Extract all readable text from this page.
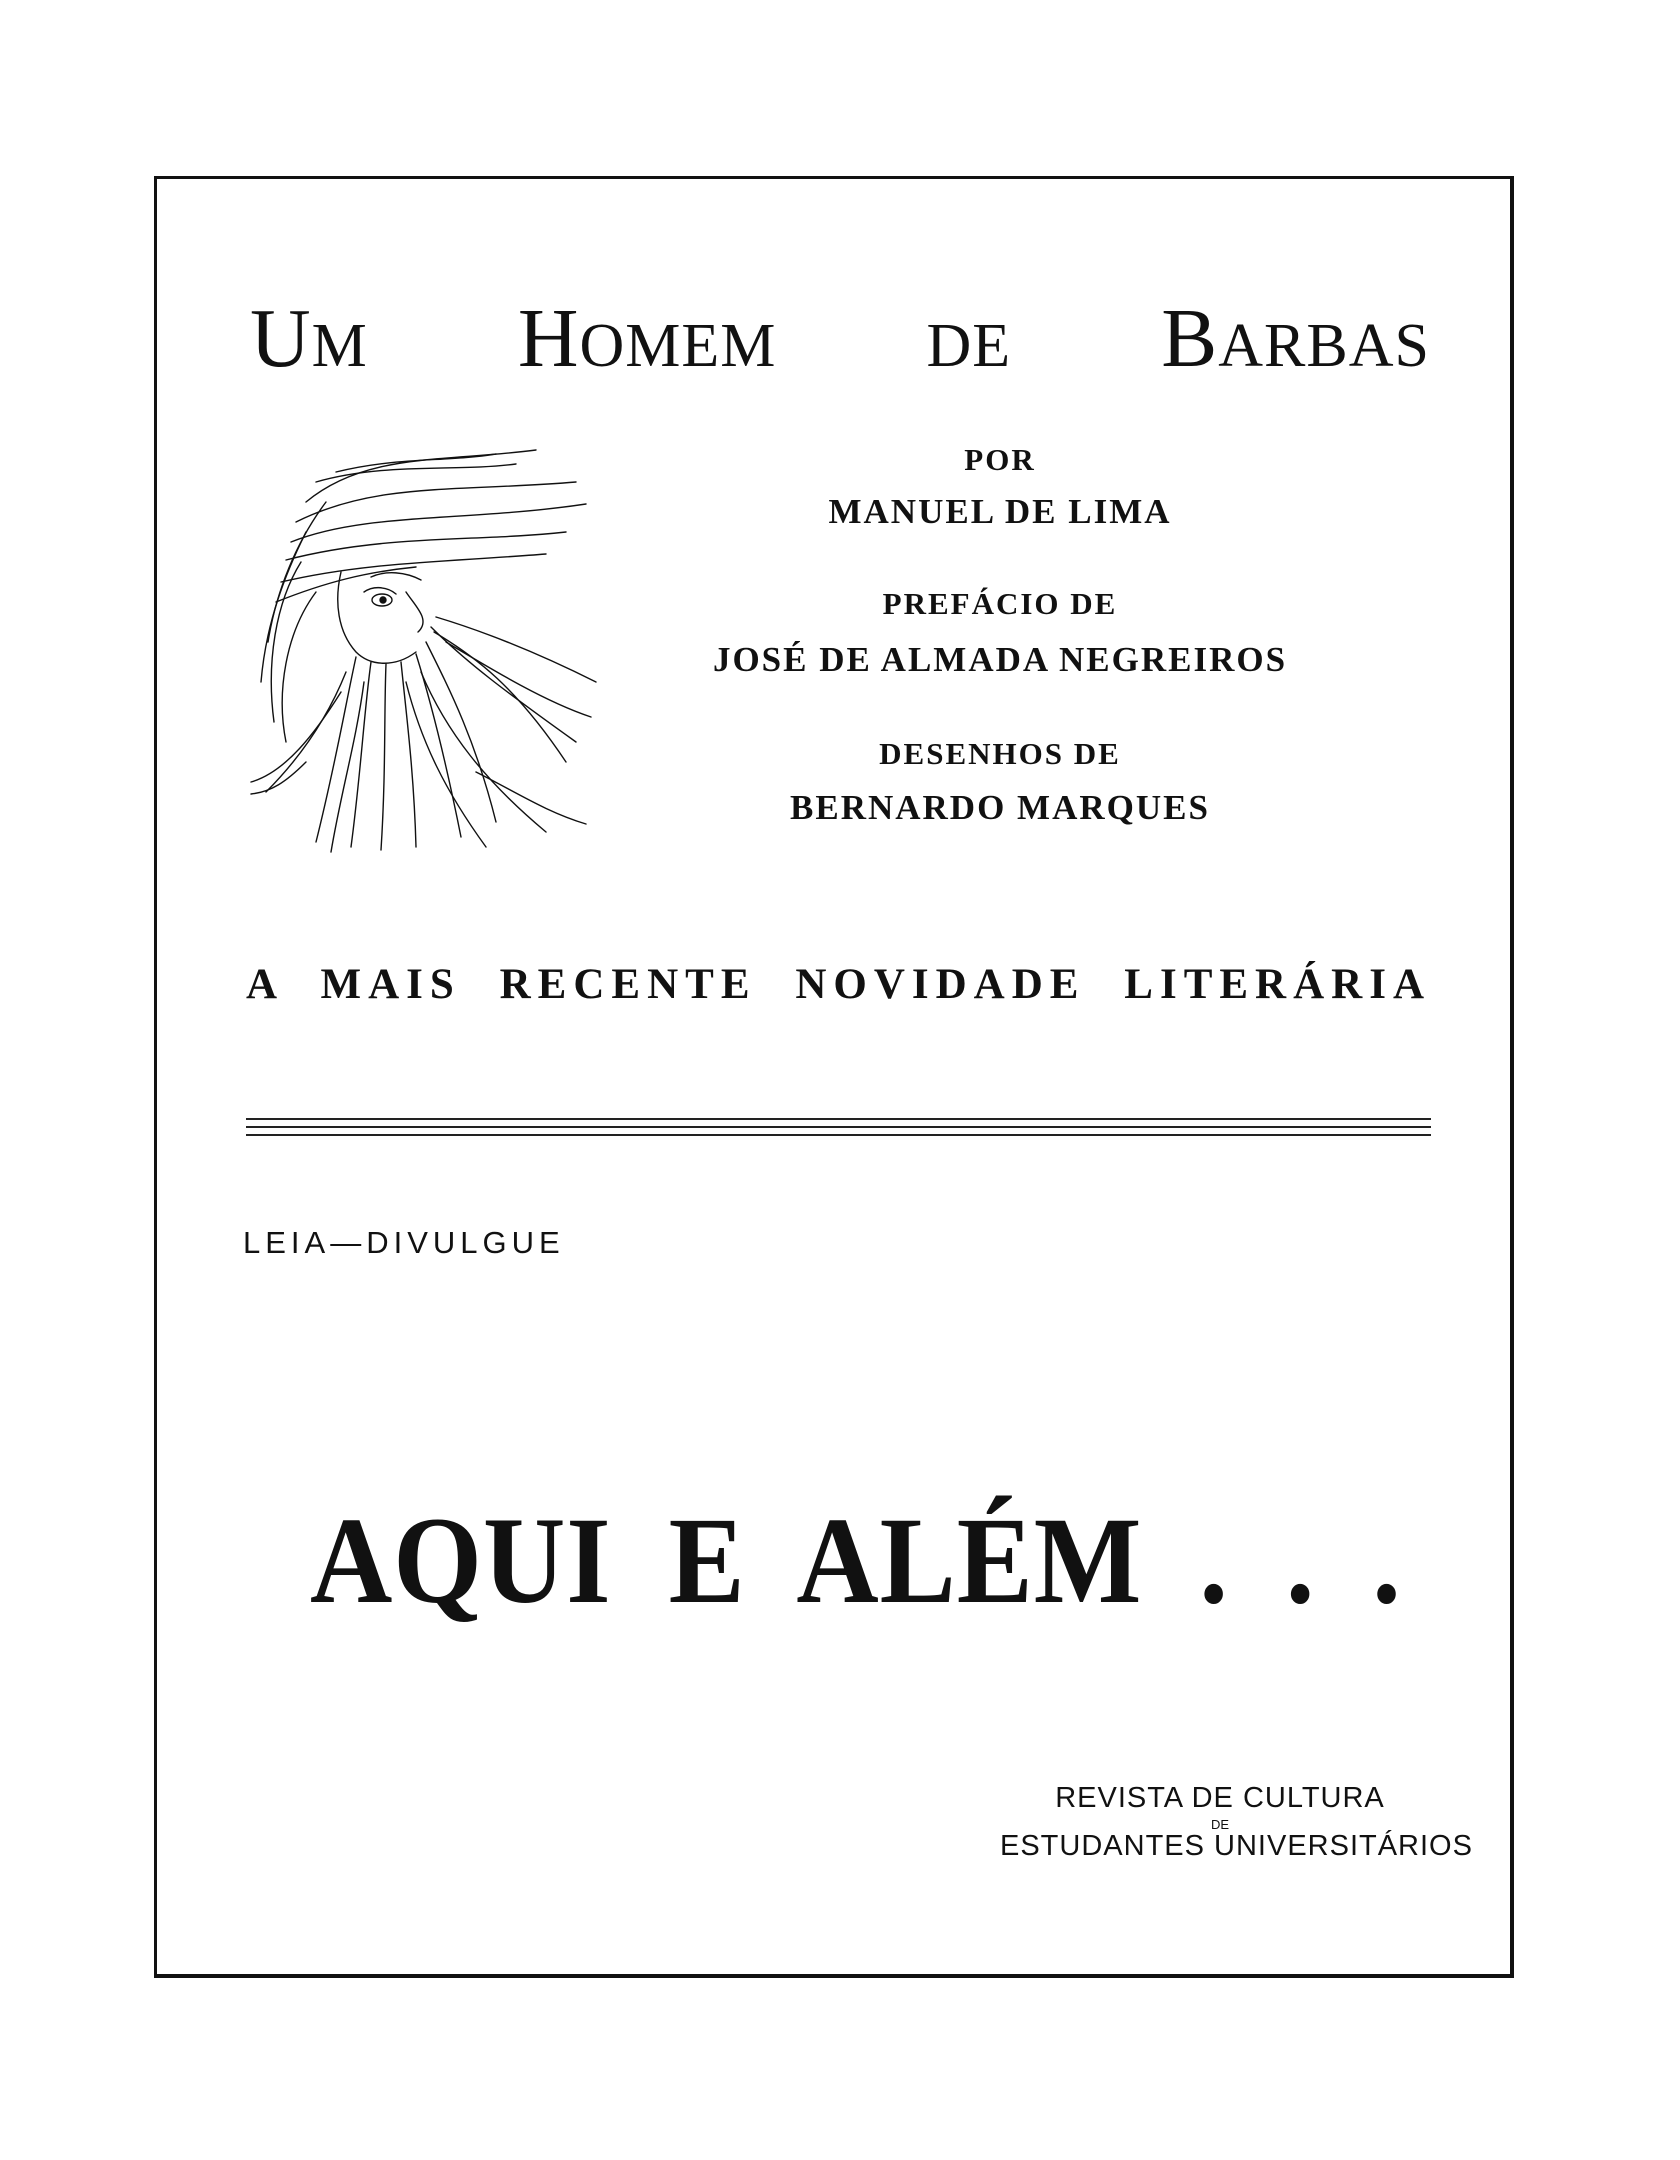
UM HOMEM DE BARBAS
POR
MANUEL DE LIMA
PREFÁCIO DE
JOSÉ DE ALMADA NEGREIROS
DESENHOS DE
BERNARDO MARQUES
A MAIS RECENTE NOVIDADE LITERÁRIA
LEIA—DIVULGUE
AQUI E ALÉM . . .
REVISTA DE CULTURA
DE
ESTUDANTES UNIVERSITÁRIOS
